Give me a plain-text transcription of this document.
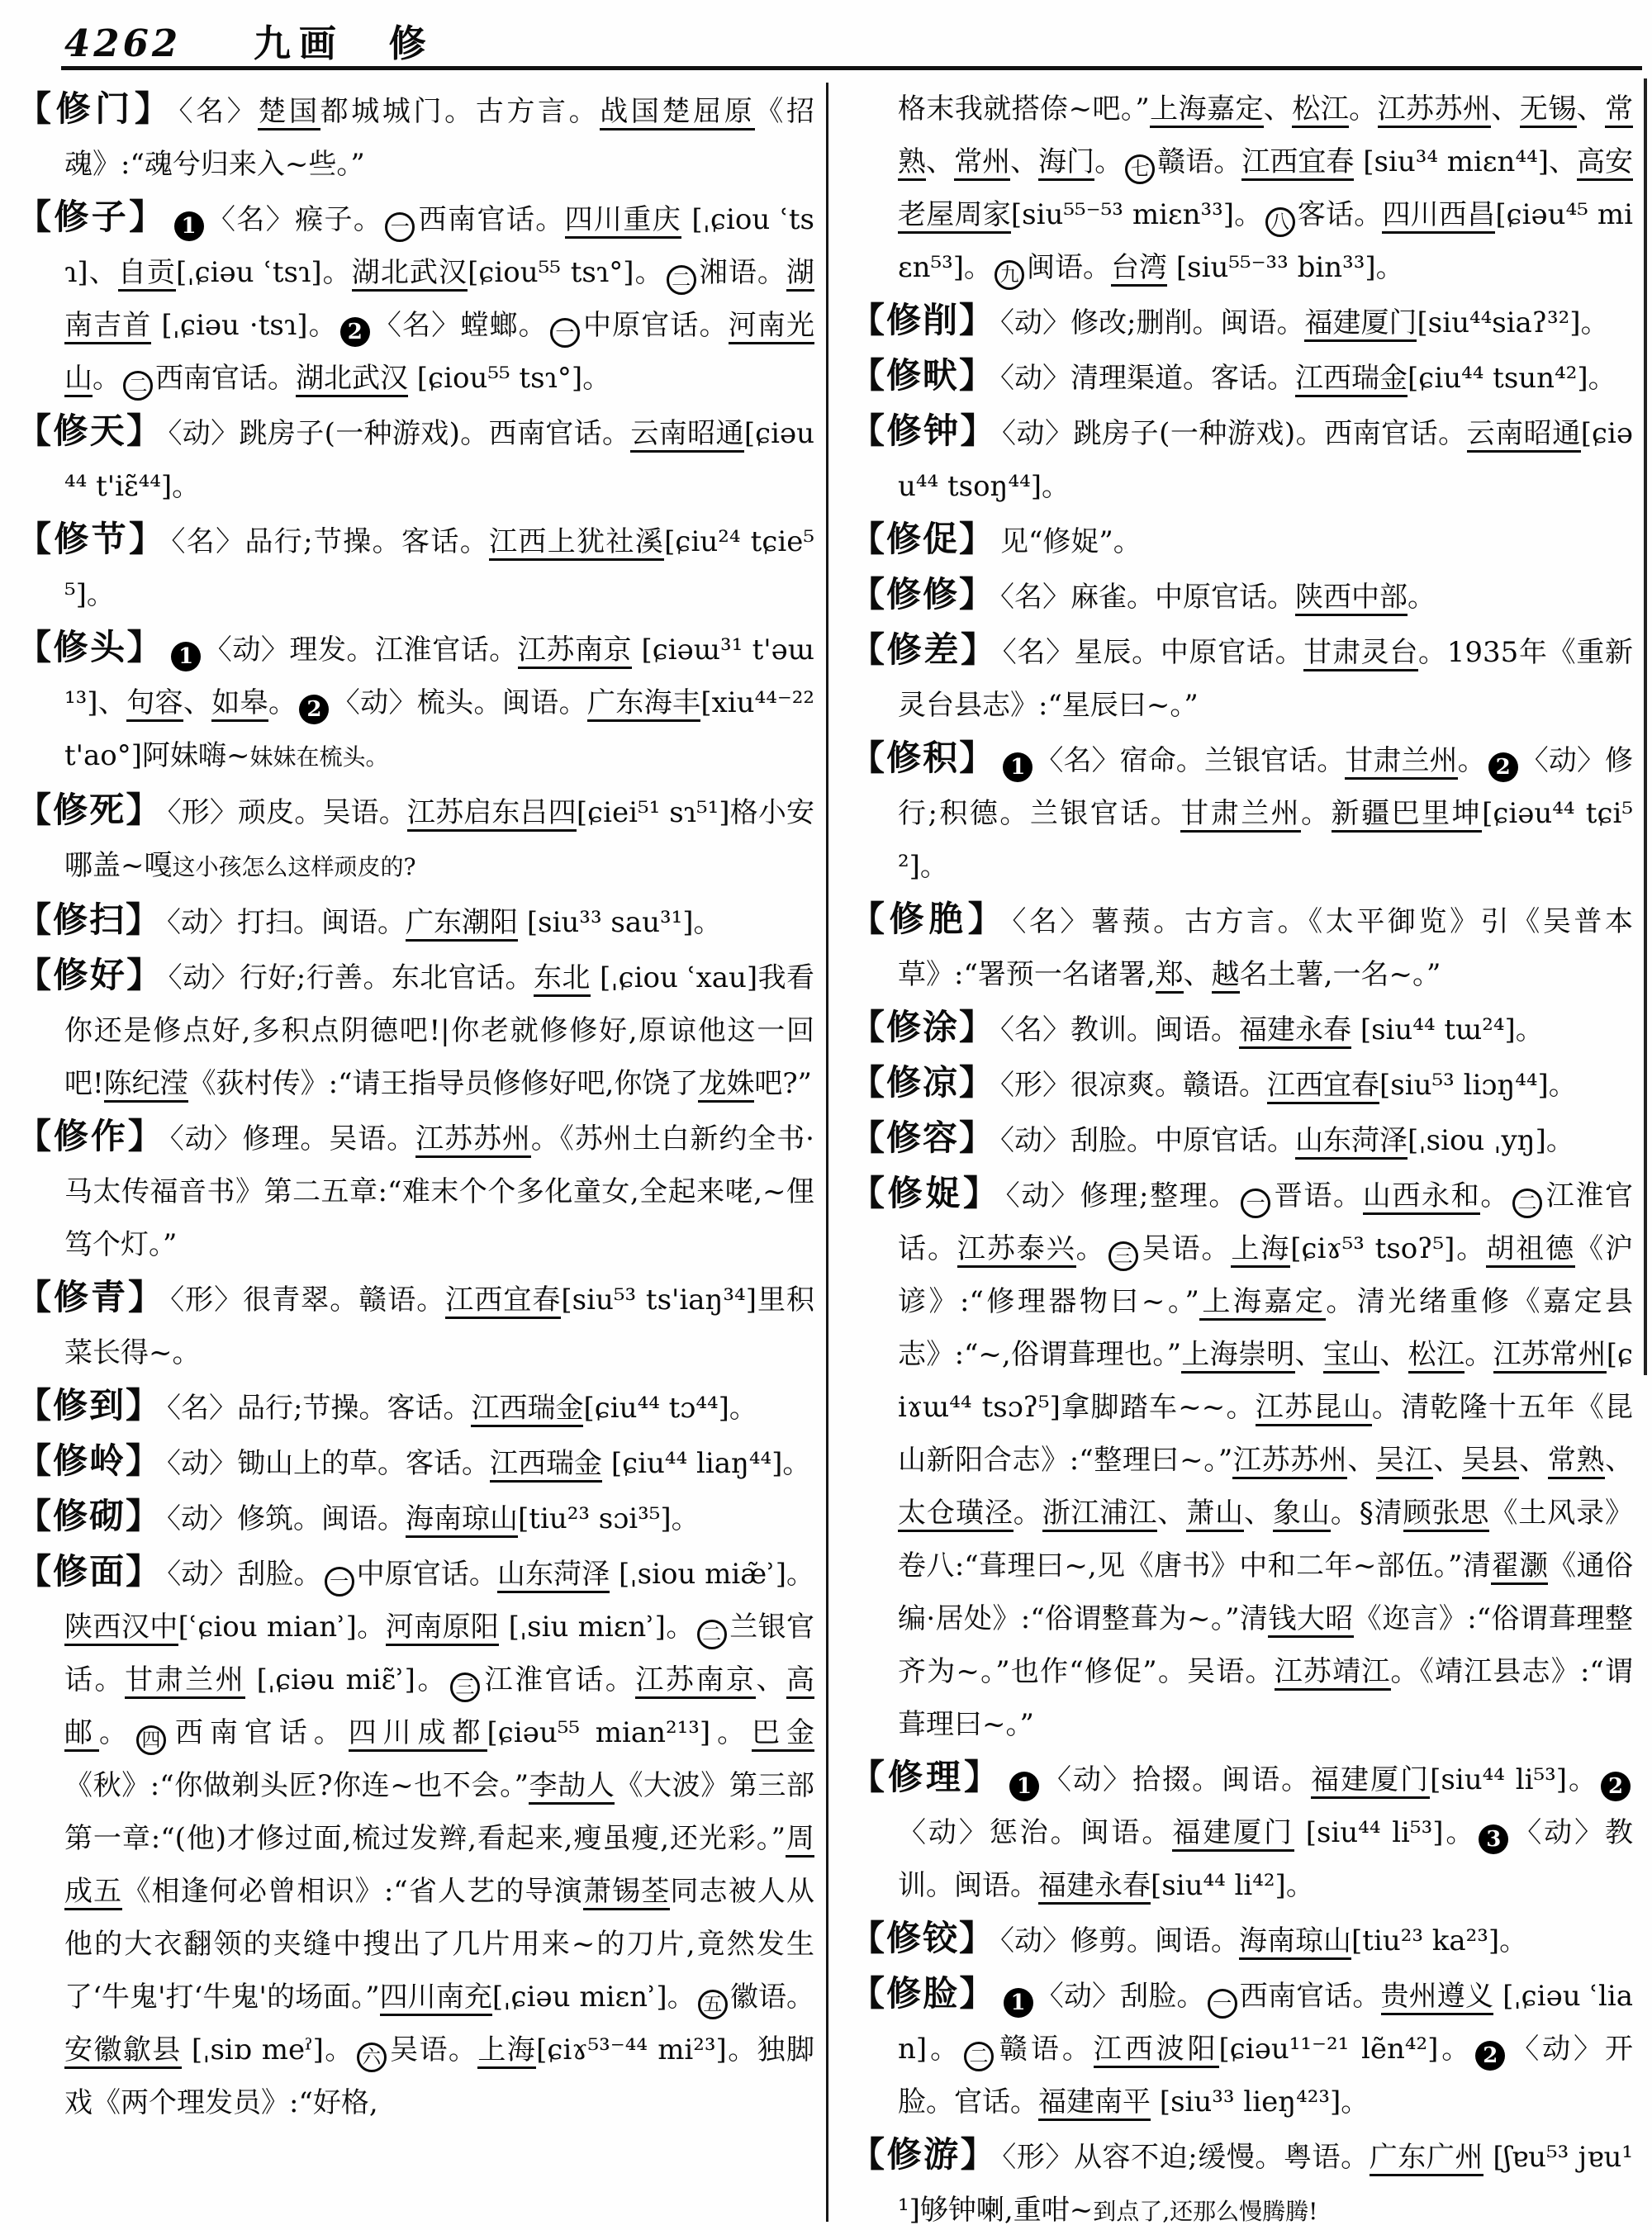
4262 九画 修
【修门】 〈名〉楚国都城城门。古方言。战国楚屈原《招魂》:“魂兮归来入~些。”
【修子】 1 〈名〉瘊子。 一 西南官话。四川重庆 [ˌɕiou ʿtsɿ]、自贡[ˌɕiəu ʿtsɿ]。湖北武汉[ɕiou⁵⁵ tsɿ°]。 二 湘语。湖南吉首 [ˌɕiəu ·tsɿ]。 2 〈名〉螳螂。 一 中原官话。河南光山。 二 西南官话。湖北武汉 [ɕiou⁵⁵ tsɿ°]。
【修天】 〈动〉跳房子(一种游戏)。西南官话。云南昭通[ɕiəu⁴⁴ t'iɛ̃⁴⁴]。
【修节】 〈名〉品行;节操。客话。江西上犹社溪[ɕiu²⁴ tɕie⁵⁵]。
【修头】 1 〈动〉理发。江淮官话。江苏南京 [ɕiəɯ³¹ t'əɯ¹³]、句容、如皋。 2 〈动〉梳头。闽语。广东海丰[xiu⁴⁴⁻²² t'ao°]阿妹嗨~妹妹在梳头。
【修死】 〈形〉顽皮。吴语。江苏启东吕四[ɕiei⁵¹ sɿ⁵¹]格小安哪盖~嘎这小孩怎么这样顽皮的?
【修扫】 〈动〉打扫。闽语。广东潮阳 [siu³³ sau³¹]。
【修好】 〈动〉行好;行善。东北官话。东北 [ˌɕiou ʿxau]我看你还是修点好,多积点阴德吧!|你老就修修好,原谅他这一回吧!陈纪滢《荻村传》:“请王指导员修修好吧,你饶了龙姝吧?”
【修作】 〈动〉修理。吴语。江苏苏州。《苏州土白新约全书·马太传福音书》第二五章:“难末个个多化童女,全起来咾,~俚笃个灯。”
【修青】 〈形〉很青翠。赣语。江西宜春[siu⁵³ ts'iaŋ³⁴]里积菜长得~。
【修到】 〈名〉品行;节操。客话。江西瑞金[ɕiu⁴⁴ tɔ⁴⁴]。
【修岭】 〈动〉锄山上的草。客话。江西瑞金 [ɕiu⁴⁴ liaŋ⁴⁴]。
【修砌】 〈动〉修筑。闽语。海南琼山[tiu²³ sɔi³⁵]。
【修面】 〈动〉刮脸。 一 中原官话。山东菏泽 [ˌsiou miæ̃ʾ]。陕西汉中[ʿɕiou mianʾ]。河南原阳 [ˌsiu miɛnʾ]。 二 兰银官话。甘肃兰州 [ˌɕiəu miɛ̃ʾ]。 三 江淮官话。江苏南京、高邮。 四 西南官话。四川成都[ɕiəu⁵⁵ mian²¹³]。巴金《秋》:“你做剃头匠?你连~也不会。”李劼人《大波》第三部第一章:“(他)才修过面,梳过发辫,看起来,瘦虽瘦,还光彩。”周成五《相逢何必曾相识》:“省人艺的导演萧锡荃同志被人从他的大衣翻领的夹缝中搜出了几片用来~的刀片,竟然发生了‘牛鬼'打‘牛鬼'的场面。”四川南充[ˌɕiəu miɛnʾ]。 五 徽语。安徽歙县 [ˌsiɒ meˀ]。 六 吴语。上海[ɕiɤ⁵³⁻⁴⁴ mi²³]。独脚戏《两个理发员》:“好格,
格末我就搭倷~吧。”上海嘉定、松江。江苏苏州、无锡、常熟、常州、海门。 七 赣语。江西宜春 [siu³⁴ miɛn⁴⁴]、高安老屋周家[siu⁵⁵⁻⁵³ miɛn³³]。 八 客话。四川西昌[ɕiəu⁴⁵ miɛn⁵³]。 九 闽语。台湾 [siu⁵⁵⁻³³ bin³³]。
【修削】 〈动〉修改;删削。闽语。福建厦门[siu⁴⁴siaʔ³²]。
【修畎】 〈动〉清理渠道。客话。江西瑞金[ɕiu⁴⁴ tsun⁴²]。
【修钟】 〈动〉跳房子(一种游戏)。西南官话。云南昭通[ɕiəu⁴⁴ tsoŋ⁴⁴]。
【修促】 见“修娖”。
【修修】 〈名〉麻雀。中原官话。陕西中部。
【修差】 〈名〉星辰。中原官话。甘肃灵台。1935年《重新灵台县志》:“星辰曰~。”
【修积】 1 〈名〉宿命。兰银官话。甘肃兰州。 2 〈动〉修行;积德。兰银官话。甘肃兰州。新疆巴里坤[ɕiəu⁴⁴ tɕi⁵²]。
【修脃】 〈名〉薯蓣。古方言。《太平御览》引《吴普本草》:“署预一名诸署,郑、越名土薯,一名~。”
【修涂】 〈名〉教训。闽语。福建永春 [siu⁴⁴ tɯ²⁴]。
【修凉】 〈形〉很凉爽。赣语。江西宜春[siu⁵³ liɔŋ⁴⁴]。
【修容】 〈动〉刮脸。中原官话。山东菏泽[ˌsiou ˌyŋ]。
【修娖】 〈动〉修理;整理。 一 晋语。山西永和。 二 江淮官话。江苏泰兴。 三 吴语。上海[ɕiɤ⁵³ tsoʔ⁵]。胡祖德《沪谚》:“修理器物曰~。”上海嘉定。清光绪重修《嘉定县志》:“~,俗谓葺理也。”上海崇明、宝山、松江。江苏常州[ɕiɤɯ⁴⁴ tsɔʔ⁵]拿脚踏车~~。江苏昆山。清乾隆十五年《昆山新阳合志》:“整理曰~。”江苏苏州、吴江、吴县、常熟、太仓璜泾。浙江浦江、萧山、象山。§清顾张思《土风录》卷八:“葺理曰~,见《唐书》中和二年~部伍。”清翟灏《通俗编·居处》:“俗谓整葺为~。”清钱大昭《迩言》:“俗谓葺理整齐为~。”也作“修促”。吴语。江苏靖江。《靖江县志》:“谓葺理曰~。”
【修理】 1 〈动〉拾掇。闽语。福建厦门[siu⁴⁴ li⁵³]。 2〈动〉惩治。闽语。福建厦门 [siu⁴⁴ li⁵³]。 3 〈动〉教训。闽语。福建永春[siu⁴⁴ li⁴²]。
【修铰】 〈动〉修剪。闽语。海南琼山[tiu²³ ka²³]。
【修脸】 1 〈动〉刮脸。 一 西南官话。贵州遵义 [ˌɕiəu ʿlian]。 二 赣语。江西波阳[ɕiəu¹¹⁻²¹ lẽn⁴²]。 2 〈动〉开脸。官话。福建南平 [siu³³ lieŋ⁴²³]。
【修游】 〈形〉从容不迫;缓慢。粤语。广东广州 [ʃɐu⁵³ jɐu¹¹]够钟喇,重咁~到点了,还那么慢腾腾!
